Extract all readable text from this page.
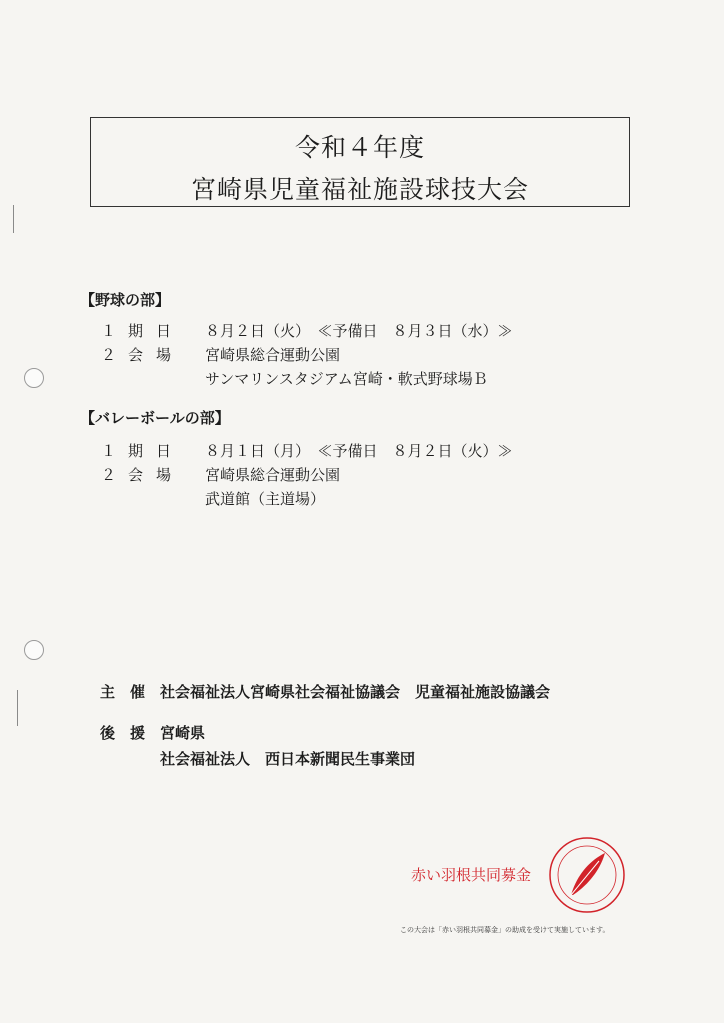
令和４年度
宮崎県児童福祉施設球技大会
【野球の部】
１ 期日 ８月２日（火）　≪予備日　８月３日（水）≫
２ 会場 宮崎県総合運動公園
サンマリンスタジアム宮崎・軟式野球場Ｂ
【バレーボールの部】
１ 期日 ８月１日（月）　≪予備日　８月２日（火）≫
２ 会場 宮崎県総合運動公園
武道館（主道場）
主　催 社会福祉法人宮崎県社会福祉協議会　児童福祉施設協議会
後　援 宮崎県
社会福祉法人　西日本新聞民生事業団
赤い羽根共同募金
この大会は「赤い羽根共同募金」の助成を受けて実施しています。
